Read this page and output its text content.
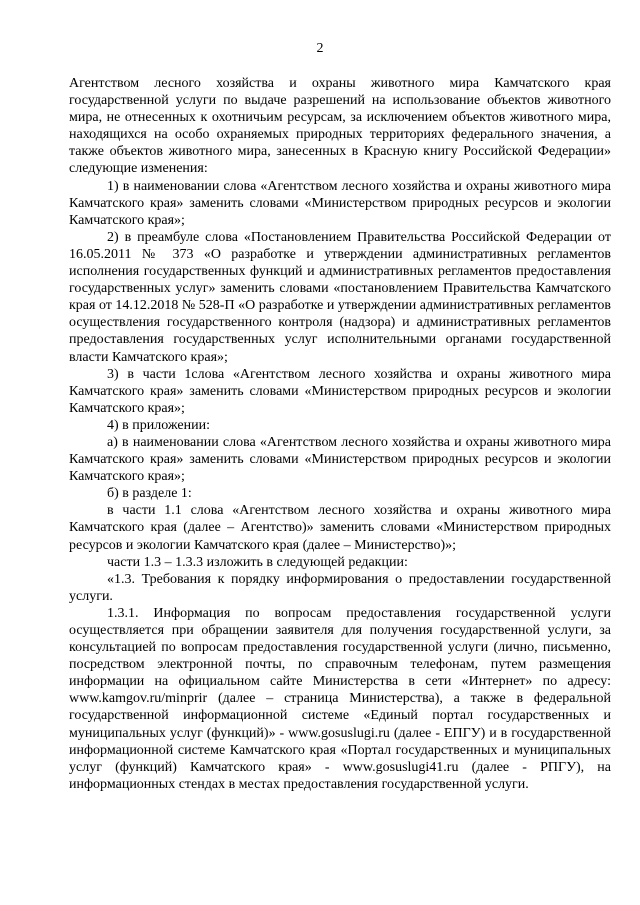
2

Агентством лесного хозяйства и охраны животного мира Камчатского края государственной услуги по выдаче разрешений на использование объектов животного мира, не отнесенных к охотничьим ресурсам, за исключением объектов животного мира, находящихся на особо охраняемых природных территориях федерального значения, а также объектов животного мира, занесенных в Красную книгу Российской Федерации» следующие изменения:

1) в наименовании слова «Агентством лесного хозяйства и охраны животного мира Камчатского края» заменить словами «Министерством природных ресурсов и экологии Камчатского края»;

2) в преамбуле слова «Постановлением Правительства Российской Федерации от 16.05.2011 № 373 «О разработке и утверждении административных регламентов исполнения государственных функций и административных регламентов предоставления государственных услуг» заменить словами «постановлением Правительства Камчатского края от 14.12.2018 № 528-П «О разработке и утверждении административных регламентов осуществления государственного контроля (надзора) и административных регламентов предоставления государственных услуг исполнительными органами государственной власти Камчатского края»;

3) в части 1слова «Агентством лесного хозяйства и охраны животного мира Камчатского края» заменить словами «Министерством природных ресурсов и экологии Камчатского края»;

4) в приложении:

а) в наименовании слова «Агентством лесного хозяйства и охраны животного мира Камчатского края» заменить словами «Министерством природных ресурсов и экологии Камчатского края»;

б) в разделе 1:

в части 1.1 слова «Агентством лесного хозяйства и охраны животного мира Камчатского края (далее – Агентство)» заменить словами «Министерством природных ресурсов и экологии Камчатского края (далее – Министерство)»;

части 1.3 – 1.3.3 изложить в следующей редакции:

«1.3. Требования к порядку информирования о предоставлении государственной услуги.

1.3.1. Информация по вопросам предоставления государственной услуги осуществляется при обращении заявителя для получения государственной услуги, за консультацией по вопросам предоставления государственной услуги (лично, письменно, посредством электронной почты, по справочным телефонам, путем размещения информации на официальном сайте Министерства в сети «Интернет» по адресу: www.kamgov.ru/minprir (далее – страница Министерства), а также в федеральной государственной информационной системе «Единый портал государственных и муниципальных услуг (функций)» - www.gosuslugi.ru (далее - ЕПГУ) и в государственной информационной системе Камчатского края «Портал государственных и муниципальных услуг (функций) Камчатского края» - www.gosuslugi41.ru (далее - РПГУ), на информационных стендах в местах предоставления государственной услуги.
